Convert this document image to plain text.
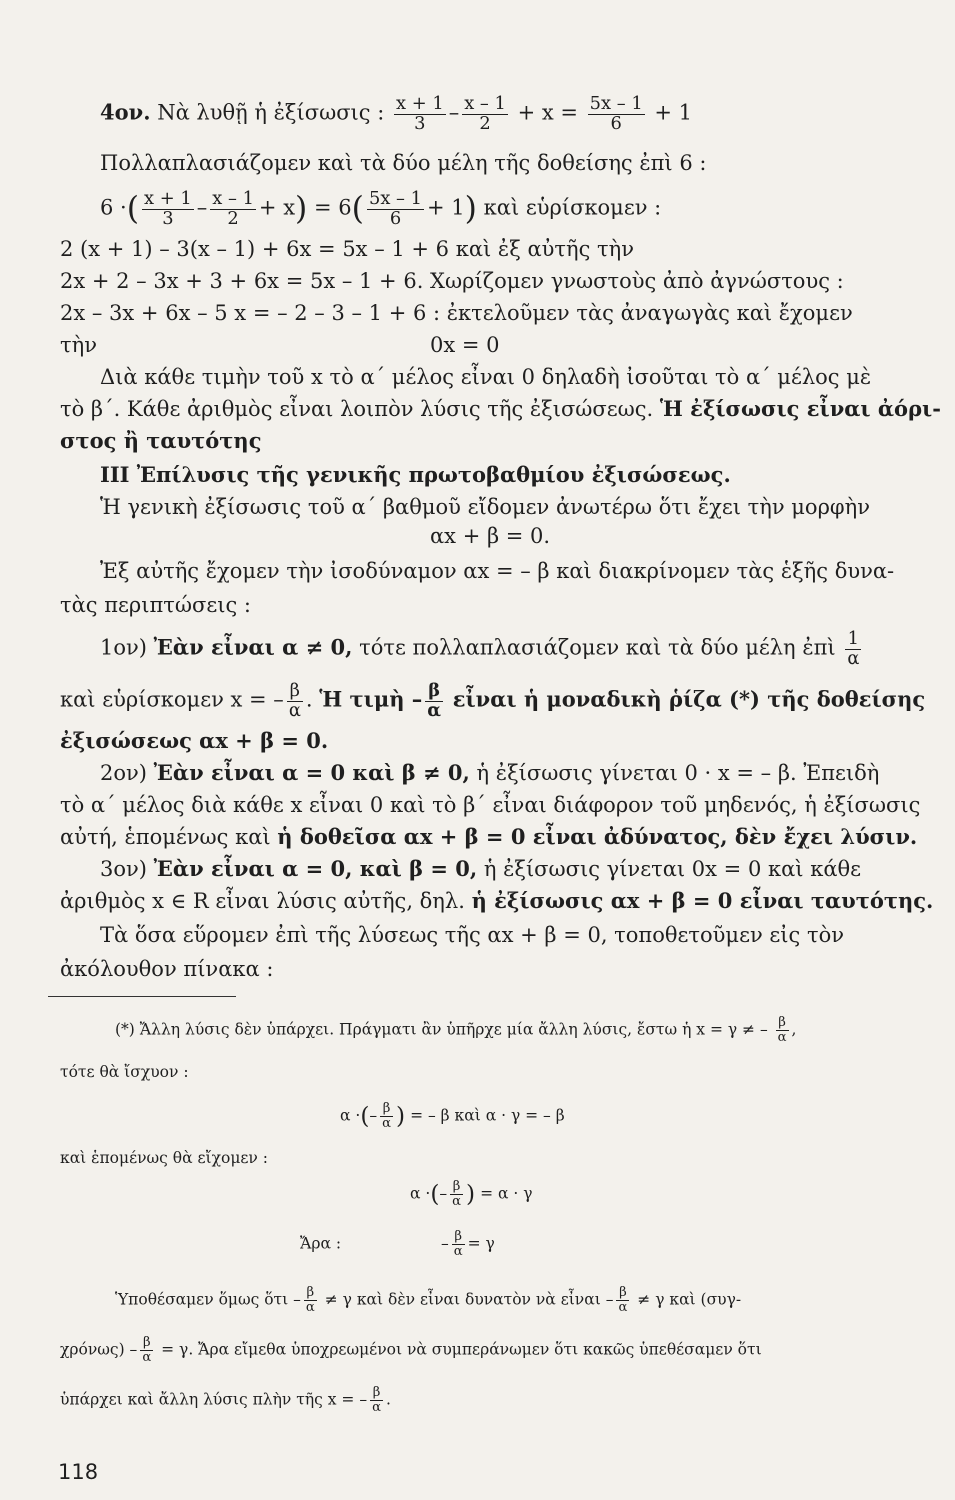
4ον. Νὰ λυθῇ ἡ ἐξίσωσις : $\frac{x + 1}{3} - \frac{x - 1}{2} + x = \frac{5x - 1}{6} + 1$
Πολλαπλασιάζομεν καὶ τὰ δύο μέλη τῆς δοθείσης ἐπὶ 6 :
6 ·( $\frac{x + 1}{3} - \frac{x - 1}{2} + x) = 6( \frac{5x - 1}{6} + 1)$ καὶ εὑρίσκομεν :
2 (x + 1) – 3(x – 1) + 6x = 5x – 1 + 6 καὶ ἐξ αὐτῆς τὴν
2x + 2 – 3x + 3 + 6x = 5x – 1 + 6. Χωρίζομεν γνωστοὺς ἀπὸ ἀγνώστους :
2x – 3x + 6x – 5 x = – 2 – 3 – 1 + 6 : ἐκτελοῦμεν τὰς ἀναγωγὰς καὶ ἔχομεν
τὴν	0x = 0
Διὰ κάθε τιμὴν τοῦ x τὸ α΄ μέλος εἶναι 0 δηλαδὴ ἰσοῦται τὸ α΄ μέλος μὲ
τὸ β΄. Κάθε ἀριθμὸς εἶναι λοιπὸν λύσις τῆς ἐξισώσεως. Ἡ ἐξίσωσις εἶναι ἀόρι-
στος ἢ ταυτότης
ΙΙΙ Ἐπίλυσις τῆς γενικῆς πρωτοβαθμίου ἐξισώσεως.
Ἡ γενικὴ ἐξίσωσις τοῦ α΄ βαθμοῦ εἴδομεν ἀνωτέρω ὅτι ἔχει τὴν μορφὴν
αx + β = 0.
Ἐξ αὐτῆς ἔχομεν τὴν ἰσοδύναμον αx = – β καὶ διακρίνομεν τὰς ἑξῆς δυνα-
τὰς περιπτώσεις :
1ον) Ἐὰν εἶναι α ≠ 0, τότε πολλαπλασιάζομεν καὶ τὰ δύο μέλη ἐπὶ $\frac{1}{\alpha}$
καὶ εὑρίσκομεν x = – $\frac{\beta}{\alpha}$ . Ἡ τιμὴ – $\frac{\beta}{\alpha}$ εἶναι ἡ μοναδικὴ ῥίζα (*) τῆς δοθείσης
ἐξισώσεως αx + β = 0.
2ον) Ἐὰν εἶναι α = 0 καὶ β ≠ 0, ἡ ἐξίσωσις γίνεται 0 · x = – β. Ἐπειδὴ
τὸ α΄ μέλος διὰ κάθε x εἶναι 0 καὶ τὸ β΄ εἶναι διάφορον τοῦ μηδενός, ἡ ἐξίσωσις
αὐτή, ἑπομένως καὶ ἡ δοθεῖσα αx + β = 0 εἶναι ἀδύνατος, δὲν ἔχει λύσιν.
3ον) Ἐὰν εἶναι α = 0, καὶ β = 0, ἡ ἐξίσωσις γίνεται 0x = 0 καὶ κάθε
ἀριθμὸς x ∈ R εἶναι λύσις αὐτῆς, δηλ. ἡ ἐξίσωσις αx + β = 0 εἶναι ταυτότης.
Τὰ ὅσα εὕρομεν ἐπὶ τῆς λύσεως τῆς αx + β = 0, τοποθετοῦμεν εἰς τὸν
ἀκόλουθον πίνακα :
(*) Ἄλλη λύσις δὲν ὑπάρχει. Πράγματι ἂν ὑπῆρχε μία ἄλλη λύσις, ἔστω ἡ x = γ ≠ – $\frac{\beta}{\alpha}$ ,
τότε θὰ ἴσχυον :
α ·(– $\frac{\beta}{\alpha}$ ) = – β καὶ α · γ = – β
καὶ ἑπομένως θὰ εἴχομεν :
α ·(– $\frac{\beta}{\alpha}$ ) = α · γ
Ἄρα :	– $\frac{\beta}{\alpha} = \gamma$
Ὑποθέσαμεν ὅμως ὅτι – $\frac{\beta}{\alpha} \ne \gamma$ καὶ δὲν εἶναι δυνατὸν νὰ εἶναι – $\frac{\beta}{\alpha} \ne \gamma$ καὶ (συγ-
$\chi\rho ό\nu\omega\varsigma) - \frac{\beta}{\alpha} = \gamma$. Ἄρα εἴμεθα ὑποχρεωμένοι νὰ συμπεράνωμεν ὅτι κακῶς ὑπεθέσαμεν ὅτι
ὑπάρχει καὶ ἄλλη λύσις πλὴν τῆς x = – $\frac{\beta}{\alpha}$ .
118
